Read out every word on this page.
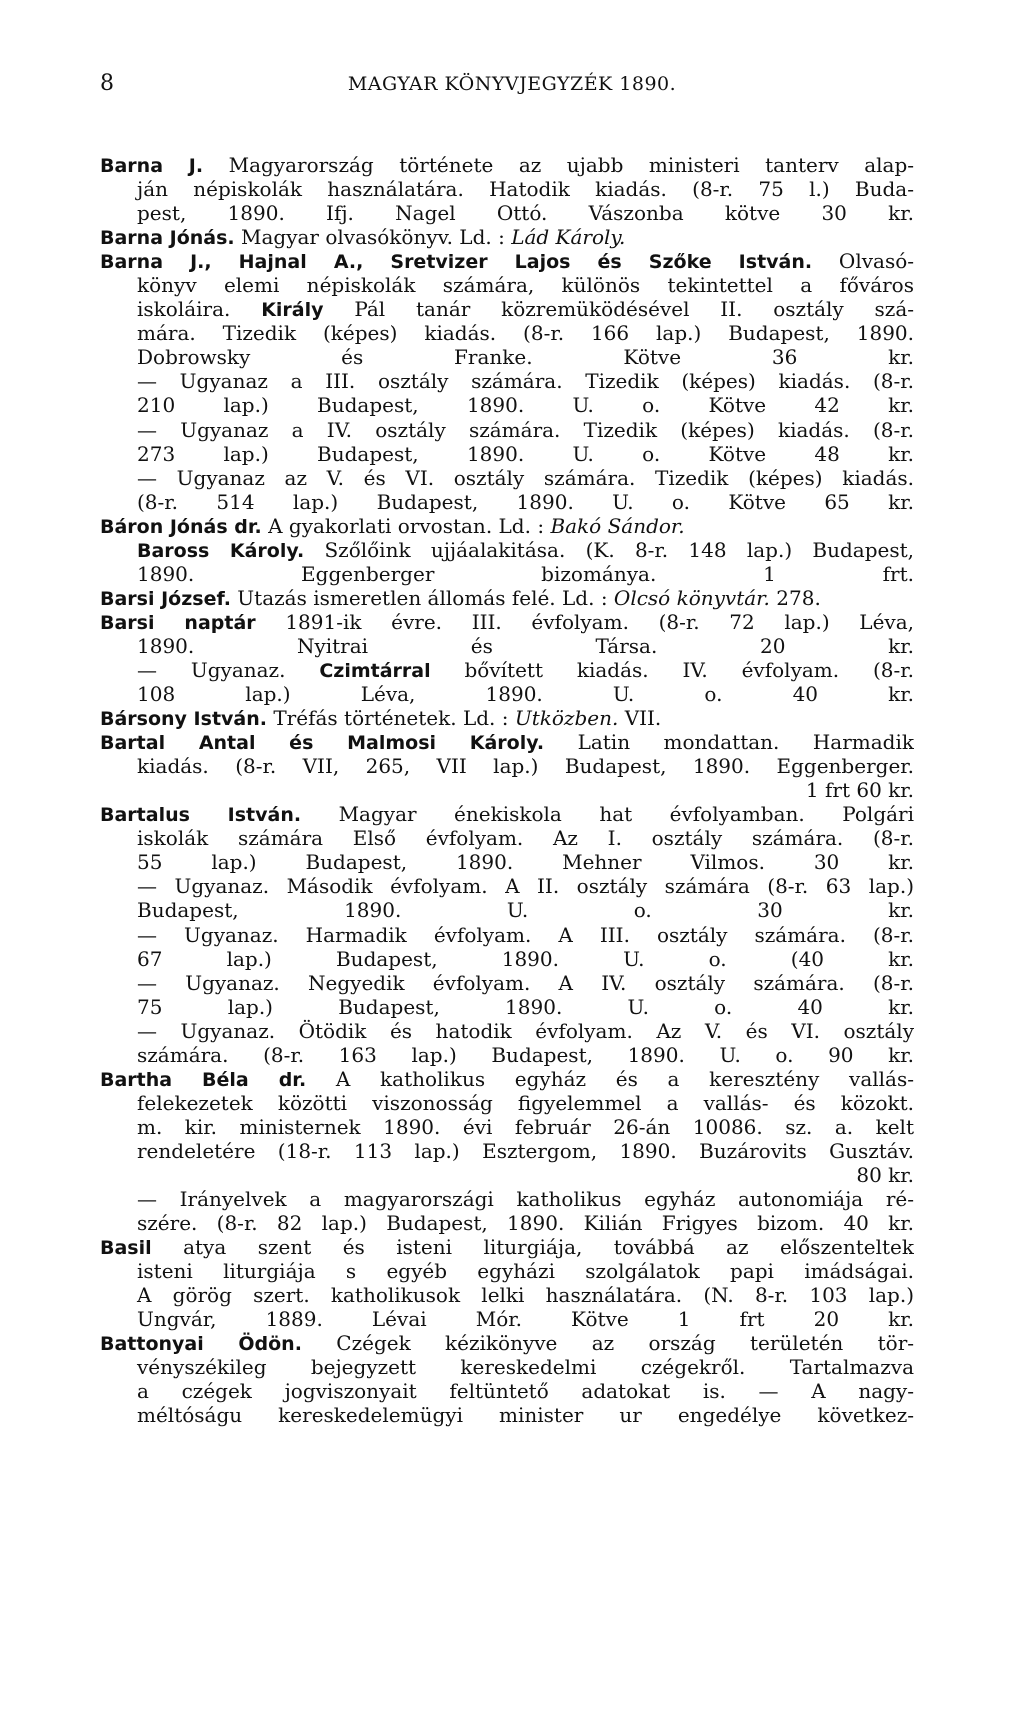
8	MAGYAR KÖNYVJEGYZÉK 1890.
Barna J. Magyarország története az ujabb ministeri tanterv alap-
ján népiskolák használatára. Hatodik kiadás. (8-r. 75 l.) Buda-
pest, 1890. Ifj. Nagel Ottó. Vászonba kötve 30 kr.
Barna Jónás. Magyar olvasókönyv. Ld. : Lád Károly.
Barna J., Hajnal A., Sretvizer Lajos és Szőke István. Olvasó-
könyv elemi népiskolák számára, különös tekintettel a főváros
iskoláira. Király Pál tanár közremüködésével II. osztály szá-
mára. Tizedik (képes) kiadás. (8-r. 166 lap.) Budapest, 1890.
Dobrowsky és Franke. Kötve 36 kr.
— Ugyanaz a III. osztály számára. Tizedik (képes) kiadás. (8-r.
210 lap.) Budapest, 1890. U. o. Kötve 42 kr.
— Ugyanaz a IV. osztály számára. Tizedik (képes) kiadás. (8-r.
273 lap.) Budapest, 1890. U. o. Kötve 48 kr.
— Ugyanaz az V. és VI. osztály számára. Tizedik (képes) kiadás.
(8-r. 514 lap.) Budapest, 1890. U. o. Kötve 65 kr.
Báron Jónás dr. A gyakorlati orvostan. Ld. : Bakó Sándor.
Baross Károly. Szőlőink ujjáalakitása. (K. 8-r. 148 lap.) Budapest,
1890. Eggenberger bizományа. 1 frt.
Barsi József. Utazás ismeretlen állomás felé. Ld. : Olcsó könyvtár. 278.
Barsi naptár 1891-ik évre. III. évfolyam. (8-r. 72 lap.) Léva,
1890. Nyitrai és Társa. 20 kr.
— Ugyanaz. Czimtárral bővített kiadás. IV. évfolyam. (8-r.
108 lap.) Léva, 1890. U. o. 40 kr.
Bársony István. Tréfás történetek. Ld. : Utközben. VII.
Bartal Antal és Malmosi Károly. Latin mondattan. Harmadik
kiadás. (8-r. VII, 265, VII lap.) Budapest, 1890. Eggenberger.
1 frt 60 kr.
Bartalus István. Magyar énekiskola hat évfolyamban. Polgári
iskolák számára Első évfolyam. Az I. osztály számára. (8-r.
55 lap.) Budapest, 1890. Mehner Vilmos. 30 kr.
— Ugyanaz. Második évfolyam. A II. osztály számára (8-r. 63 lap.)
Budapest, 1890. U. o. 30 kr.
— Ugyanaz. Harmadik évfolyam. A III. osztály számára. (8-r.
67 lap.) Budapest, 1890. U. o. (40 kr.
— Ugyanaz. Negyedik évfolyam. A IV. osztály számára. (8-r.
75 lap.) Budapest, 1890. U. o. 40 kr.
— Ugyanaz. Ötödik és hatodik évfolyam. Az V. és VI. osztály
számára. (8-r. 163 lap.) Budapest, 1890. U. o. 90 kr.
Bartha Béla dr. A katholikus egyház és a keresztény vallás-
felekezetek közötti viszonosság figyelemmel a vallás- és közokt.
m. kir. ministernek 1890. évi február 26-án 10086. sz. a. kelt
rendeletére (18-r. 113 lap.) Esztergom, 1890. Buzárovits Gusztáv.
80 kr.
— Irányelvek a magyarországi katholikus egyház autonomiája ré-
szére. (8-r. 82 lap.) Budapest, 1890. Kilián Frigyes bizom. 40 kr.
Basil atya szent és isteni liturgiája, továbbá az előszenteltek
isteni liturgiája s egyéb egyházi szolgálatok papi imádságai.
A görög szert. katholikusok lelki használatára. (N. 8-r. 103 lap.)
Ungvár, 1889. Lévai Mór. Kötve 1 frt 20 kr.
Battonyai Ödön. Czégek kézikönyve az ország területén tör-
vényszékileg bejegyzett kereskedelmi czégekről. Tartalmazva
a czégek jogviszonyait feltüntető adatokat is. — A nagy-
méltóságu kereskedelemügyi minister ur engedélye következ-
